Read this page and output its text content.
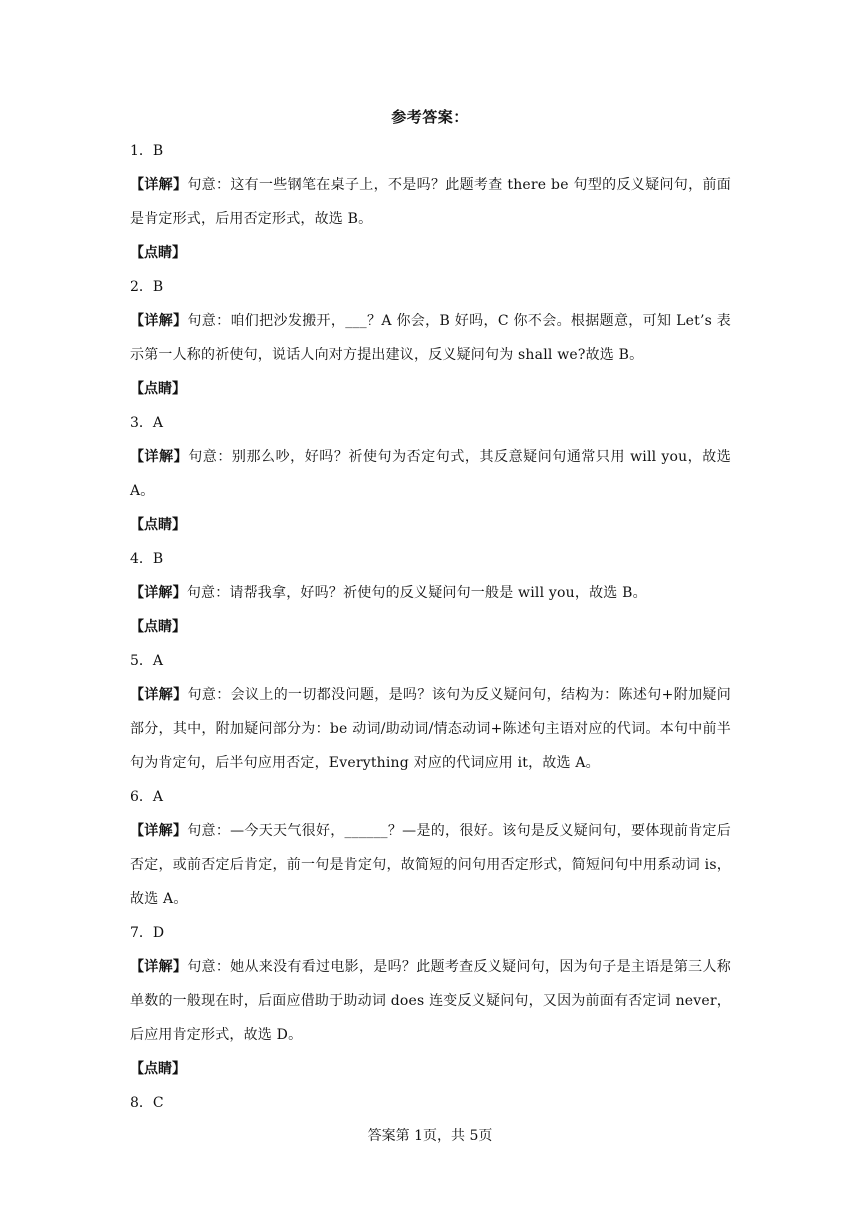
参考答案：
1．B
【详解】句意：这有一些钢笔在桌子上，不是吗？此题考查 there be 句型的反义疑问句，前面是肯定形式，后用否定形式，故选 B。
【点睛】
2．B
【详解】句意：咱们把沙发搬开，___？A 你会，B 好吗，C 你不会。根据题意，可知 Let’s 表示第一人称的祈使句，说话人向对方提出建议，反义疑问句为 shall we?故选 B。
【点睛】
3．A
【详解】句意：别那么吵，好吗？祈使句为否定句式，其反意疑问句通常只用 will you，故选 A。
【点睛】
4．B
【详解】句意：请帮我拿，好吗？祈使句的反义疑问句一般是 will you，故选 B。
【点睛】
5．A
【详解】句意：会议上的一切都没问题，是吗？该句为反义疑问句，结构为：陈述句+附加疑问部分，其中，附加疑问部分为：be 动词/助动词/情态动词+陈述句主语对应的代词。本句中前半句为肯定句，后半句应用否定，Everything 对应的代词应用 it，故选 A。
6．A
【详解】句意：—今天天气很好，______？—是的，很好。该句是反义疑问句，要体现前肯定后否定，或前否定后肯定，前一句是肯定句，故简短的问句用否定形式，简短问句中用系动词 is，故选 A。
7．D
【详解】句意：她从来没有看过电影，是吗？此题考查反义疑问句，因为句子是主语是第三人称单数的一般现在时，后面应借助于助动词 does 连变反义疑问句，又因为前面有否定词 never，后应用肯定形式，故选 D。
【点睛】
8．C
答案第 1页，共 5页
